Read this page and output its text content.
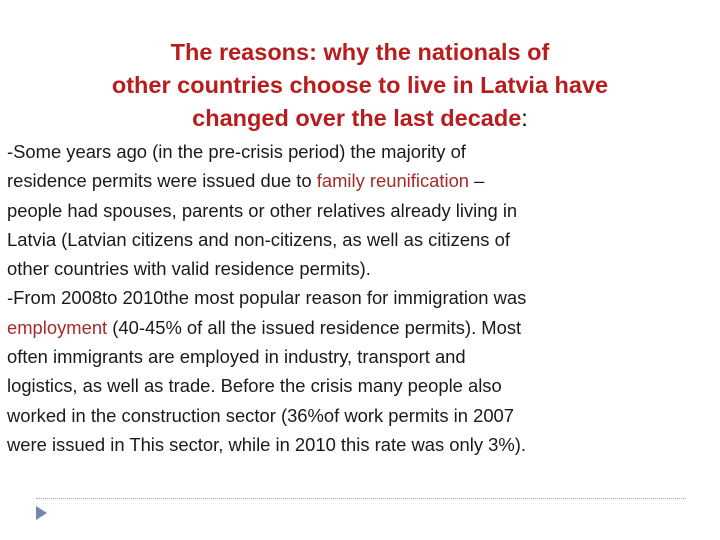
The reasons: why the nationals of
other countries choose to live in Latvia have
changed over the last decade:
-Some years ago (in the pre-crisis period) the majority of
residence permits were issued due to family reunification –
people had spouses, parents or other relatives already living in
Latvia (Latvian citizens and non-citizens, as well as citizens of
other countries with valid residence permits).
-From 2008to 2010the most popular reason for immigration was
employment (40-45% of all the issued residence permits). Most
often immigrants are employed in industry, transport and
logistics, as well as trade. Before the crisis many people also
worked in the construction sector (36%of work permits in 2007
were issued in This sector, while in 2010 this rate was only 3%).
